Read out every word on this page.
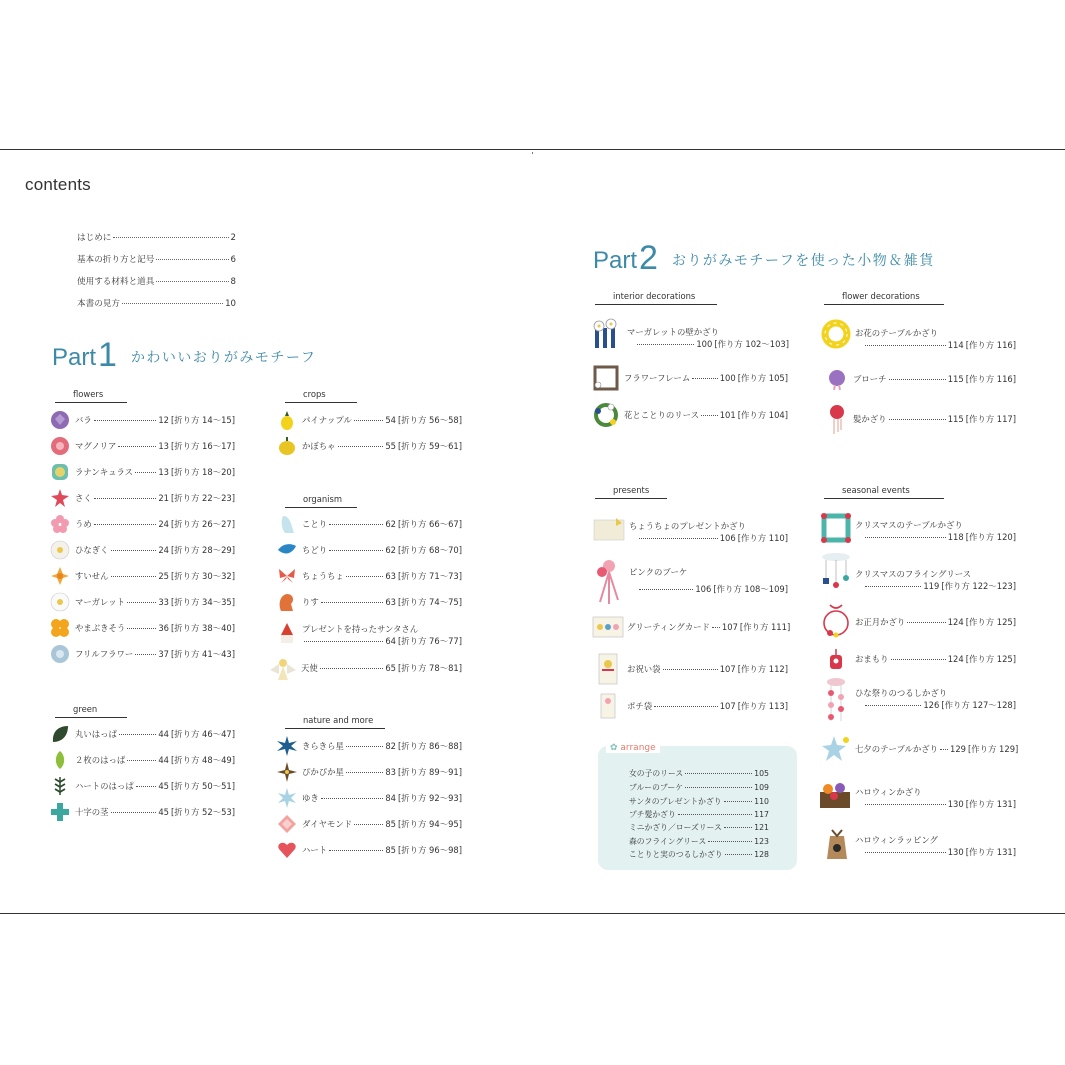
contents
はじめに	2
基本の折り方と記号	6
使用する材料と道具	8
本書の見方	10
Part 1 かわいいおりがみモチーフ
Part 2 おりがみモチーフを使った小物＆雑貨
flowers
green
crops
organism
nature and more
interior decorations	flower decorations
presents	seasonal events
バラ	12 [折り方 14～15]
マグノリア	13 [折り方 16～17]
ラナンキュラス	13 [折り方 18～20]
さく	21 [折り方 22～23]
うめ	24 [折り方 26～27]
ひなぎく	24 [折り方 28～29]
すいせん	25 [折り方 30～32]
マーガレット	33 [折り方 34～35]
やまぶきそう	36 [折り方 38～40]
フリルフラワー	37 [折り方 41～43]
丸いはっぱ	44 [折り方 46～47]
２枚のはっぱ	44 [折り方 48～49]
ハートのはっぱ	45 [折り方 50～51]
十字の茎	45 [折り方 52～53]
パイナップル	54 [折り方 56～58]
かぼちゃ	55 [折り方 59～61]
ことり	62 [折り方 66～67]
ちどり	62 [折り方 68～70]
ちょうちょ	63 [折り方 71～73]
りす	63 [折り方 74～75]
プレゼントを持ったサンタさん
64 [折り方 76～77]
天使	65 [折り方 78～81]
きらきら星	82 [折り方 86～88]
ぴかぴか星	83 [折り方 89～91]
ゆき	84 [折り方 92～93]
ダイヤモンド	85 [折り方 94～95]
ハート	85 [折り方 96～98]
マーガレットの壁かざり
100 [作り方 102～103]
フラワーフレーム	100 [作り方 105]
花とことりのリース 101 [作り方 104]
お花のテーブルかざり
114 [作り方 116]
ブローチ	115 [作り方 116]
髪かざり	115 [作り方 117]
ちょうちょのプレゼントかざり
106 [作り方 110]
ピンクのブーケ
106 [作り方 108～109]
グリーティングカード 107 [作り方 111]
お祝い袋	107 [作り方 112]
ポチ袋	107 [作り方 113]
クリスマスのテーブルかざり
118 [作り方 120]
クリスマスのフライングリース
119 [作り方 122～123]
お正月かざり	124 [作り方 125]
おまもり	124 [作り方 125]
ひな祭りのつるしかざり
126 [作り方 127～128]
七夕のテーブルかざり 129 [作り方 129]
ハロウィンかざり
130 [作り方 131]
ハロウィンラッピング
130 [作り方 131]
✿ arrange
女の子のリース	105
ブルーのブーケ	109
サンタのプレゼントかざり	110
プチ髪かざり	117
ミニかざり／ローズリース	121
森のフライングリース	123
ことりと実のつるしかざり	128
